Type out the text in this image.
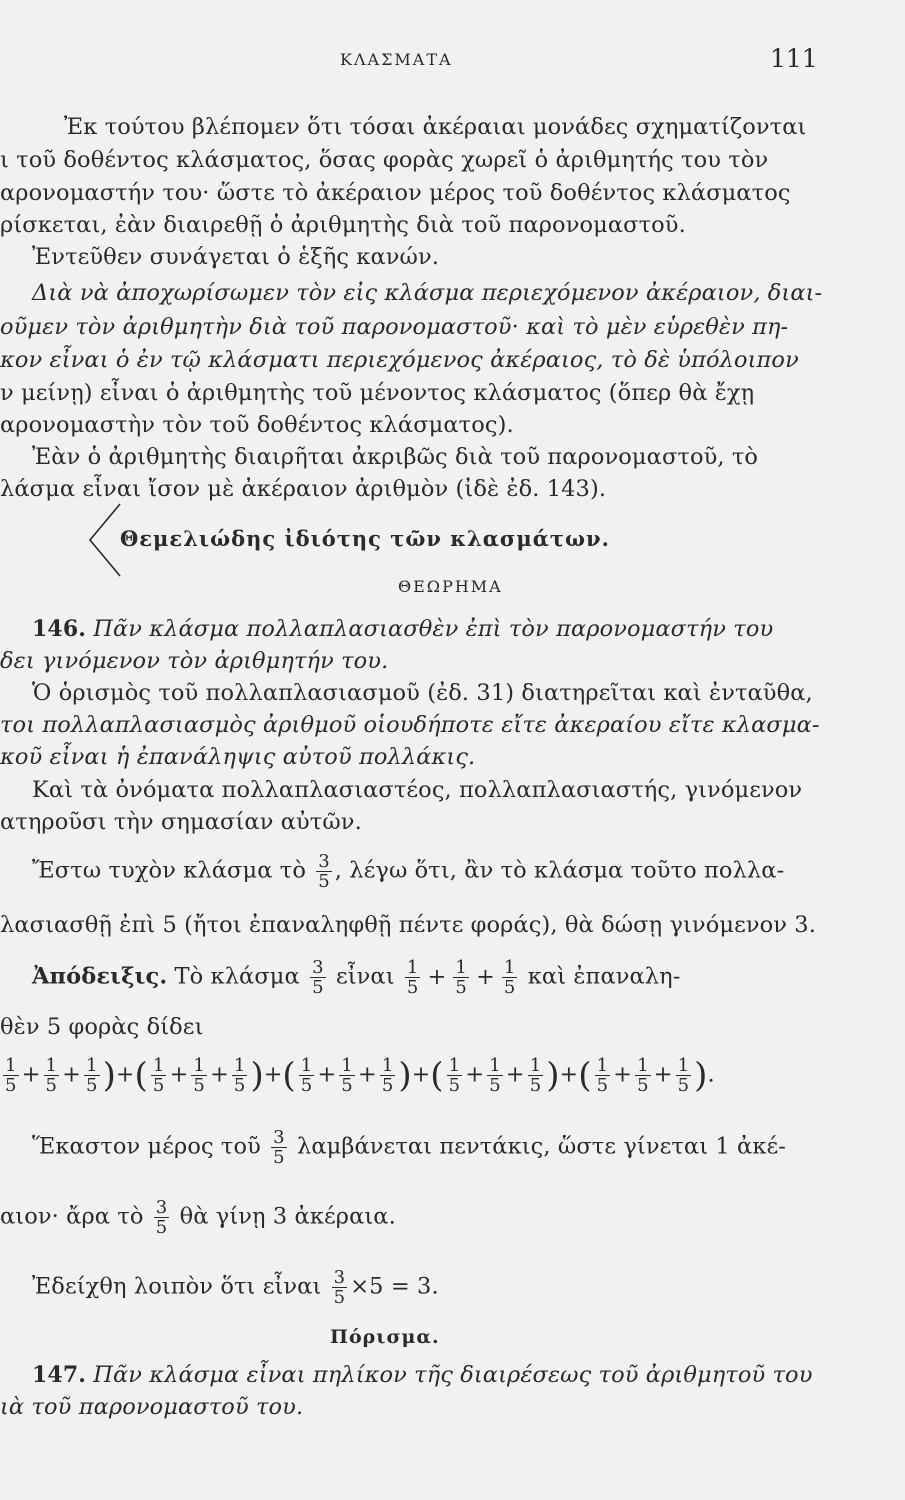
ΚΛΑΣΜΑΤΑ	111
Ἐκ τούτου βλέπομεν ὅτι τόσαι ἀκέραιαι μονάδες σχηματίζονται
ι τοῦ δοθέντος κλάσματος, ὅσας φορὰς χωρεῖ ὁ ἀριθμητής του τὸν
αρονομαστήν του· ὥστε τὸ ἀκέραιον μέρος τοῦ δοθέντος κλάσματος
ρίσκεται, ἐὰν διαιρεθῇ ὁ ἀριθμητὴς διὰ τοῦ παρονομαστοῦ.
Ἐντεῦθεν συνάγεται ὁ ἑξῆς κανών.
Διὰ νὰ ἀποχωρίσωμεν τὸν εἰς κλάσμα περιεχόμενον ἀκέραιον, διαι-
οῦμεν τὸν ἀριθμητὴν διὰ τοῦ παρονομαστοῦ· καὶ τὸ μὲν εὑρεθὲν πη-
κον εἶναι ὁ ἐν τῷ κλάσματι περιεχόμενος ἀκέραιος, τὸ δὲ ὑπόλοιπον
ν μείνῃ) εἶναι ὁ ἀριθμητὴς τοῦ μένοντος κλάσματος (ὅπερ θὰ ἔχῃ
αρονομαστὴν τὸν τοῦ δοθέντος κλάσματος).
Ἐὰν ὁ ἀριθμητὴς διαιρῆται ἀκριβῶς διὰ τοῦ παρονομαστοῦ, τὸ
λάσμα εἶναι ἴσον μὲ ἀκέραιον ἀριθμὸν (ἰδὲ ἐδ. 143).
Θεμελιώδης ἰδιότης τῶν κλασμάτων.
ΘΕΩΡΗΜΑ
146. Πᾶν κλάσμα πολλαπλασιασθὲν ἐπὶ τὸν παρονομαστήν του
δει γινόμενον τὸν ἀριθμητήν του.
Ὁ ὁρισμὸς τοῦ πολλαπλασιασμοῦ (ἐδ. 31) διατηρεῖται καὶ ἐνταῦθα,
τοι πολλαπλασιασμὸς ἀριθμοῦ οἱουδήποτε εἴτε ἀκεραίου εἴτε κλασμα-
κοῦ εἶναι ἡ ἐπανάληψις αὐτοῦ πολλάκις.
Καὶ τὰ ὀνόματα πολλαπλασιαστέος, πολλαπλασιαστής, γινόμενον
ατηροῦσι τὴν σημασίαν αὐτῶν.
Ἔστω τυχὸν κλάσμα τὸ $\frac{3}{5}$ , λέγω ὅτι, ἂν τὸ κλάσμα τοῦτο πολλα-
λασιασθῇ ἐπὶ 5 (ἤτοι ἐπαναληφθῇ πέντε φοράς), θὰ δώσῃ γινόμενον 3.
Ἀπόδειξις. Τὸ κλάσμα $\frac{3}{5}$ εἶναι $\frac{1}{5} + \frac{1}{5} + \frac{1}{5}$ καὶ ἐπαναλη-
θὲν 5 φορὰς δίδει
$\frac{1}{5} + \frac{1}{5} + \frac{1}{5}$ )+( $\frac{1}{5} + \frac{1}{5} + \frac{1}{5}$ )+( $\frac{1}{5} + \frac{1}{5} + \frac{1}{5}$ )+( $\frac{1}{5} + \frac{1}{5} + \frac{1}{5}$ )+( $\frac{1}{5} + \frac{1}{5} + \frac{1}{5}$ ).
Ἕκαστον μέρος τοῦ $\frac{3}{5}$ λαμβάνεται πεντάκις, ὥστε γίνεται 1 ἀκέ-
αιον· ἄρα τὸ $\frac{3}{5}$ θὰ γίνῃ 3 ἀκέραια.
Ἐδείχθη λοιπὸν ὅτι εἶναι $\frac{3}{5} \times 5 = 3$.
Πόρισμα.
147. Πᾶν κλάσμα εἶναι πηλίκον τῆς διαιρέσεως τοῦ ἀριθμητοῦ του
ιὰ τοῦ παρονομαστοῦ του.
